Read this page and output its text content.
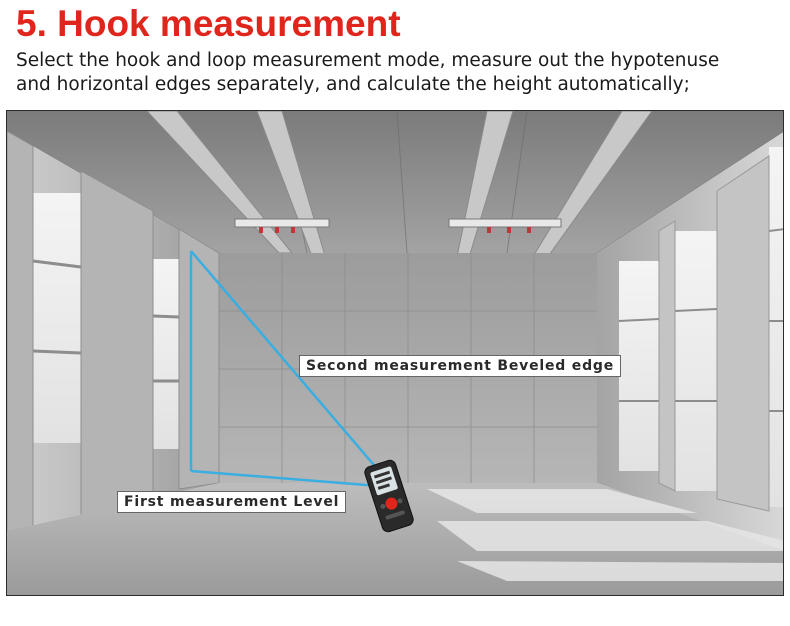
5. Hook measurement
Select the hook and loop measurement mode, measure out the hypotenuse
and horizontal edges separately, and calculate the height automatically;
Second measurement Beveled edge
First measurement Level
